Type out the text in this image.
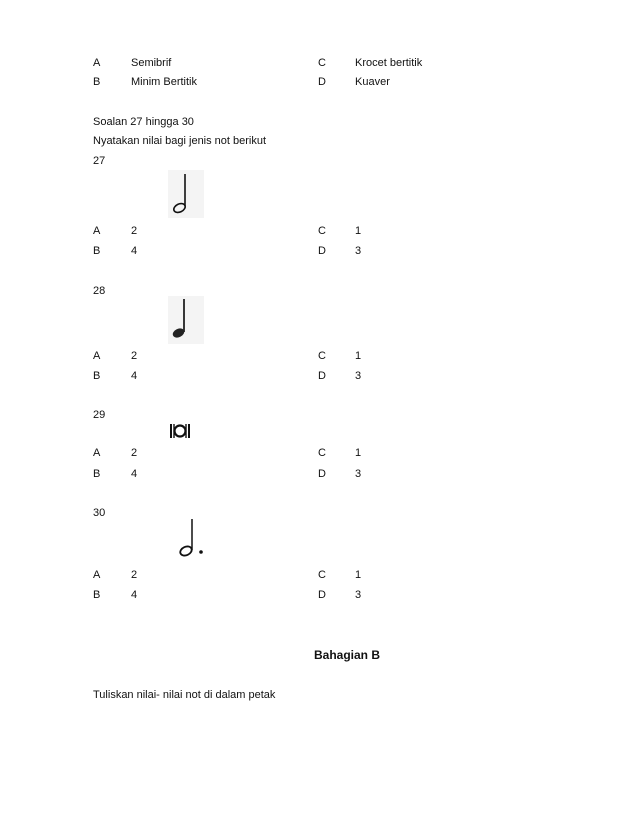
A	Semibrif	C	Krocet bertitik
B	Minim Bertitik	D	Kuaver
Soalan 27 hingga 30
Nyatakan nilai bagi jenis not berikut
27
A	2	C	1
B	4	D	3
28
A	2	C	1
B	4	D	3
29
A	2	C	1
B	4	D	3
30
A	2	C	1
B	4	D	3
Bahagian B
Tuliskan nilai- nilai not di dalam petak
